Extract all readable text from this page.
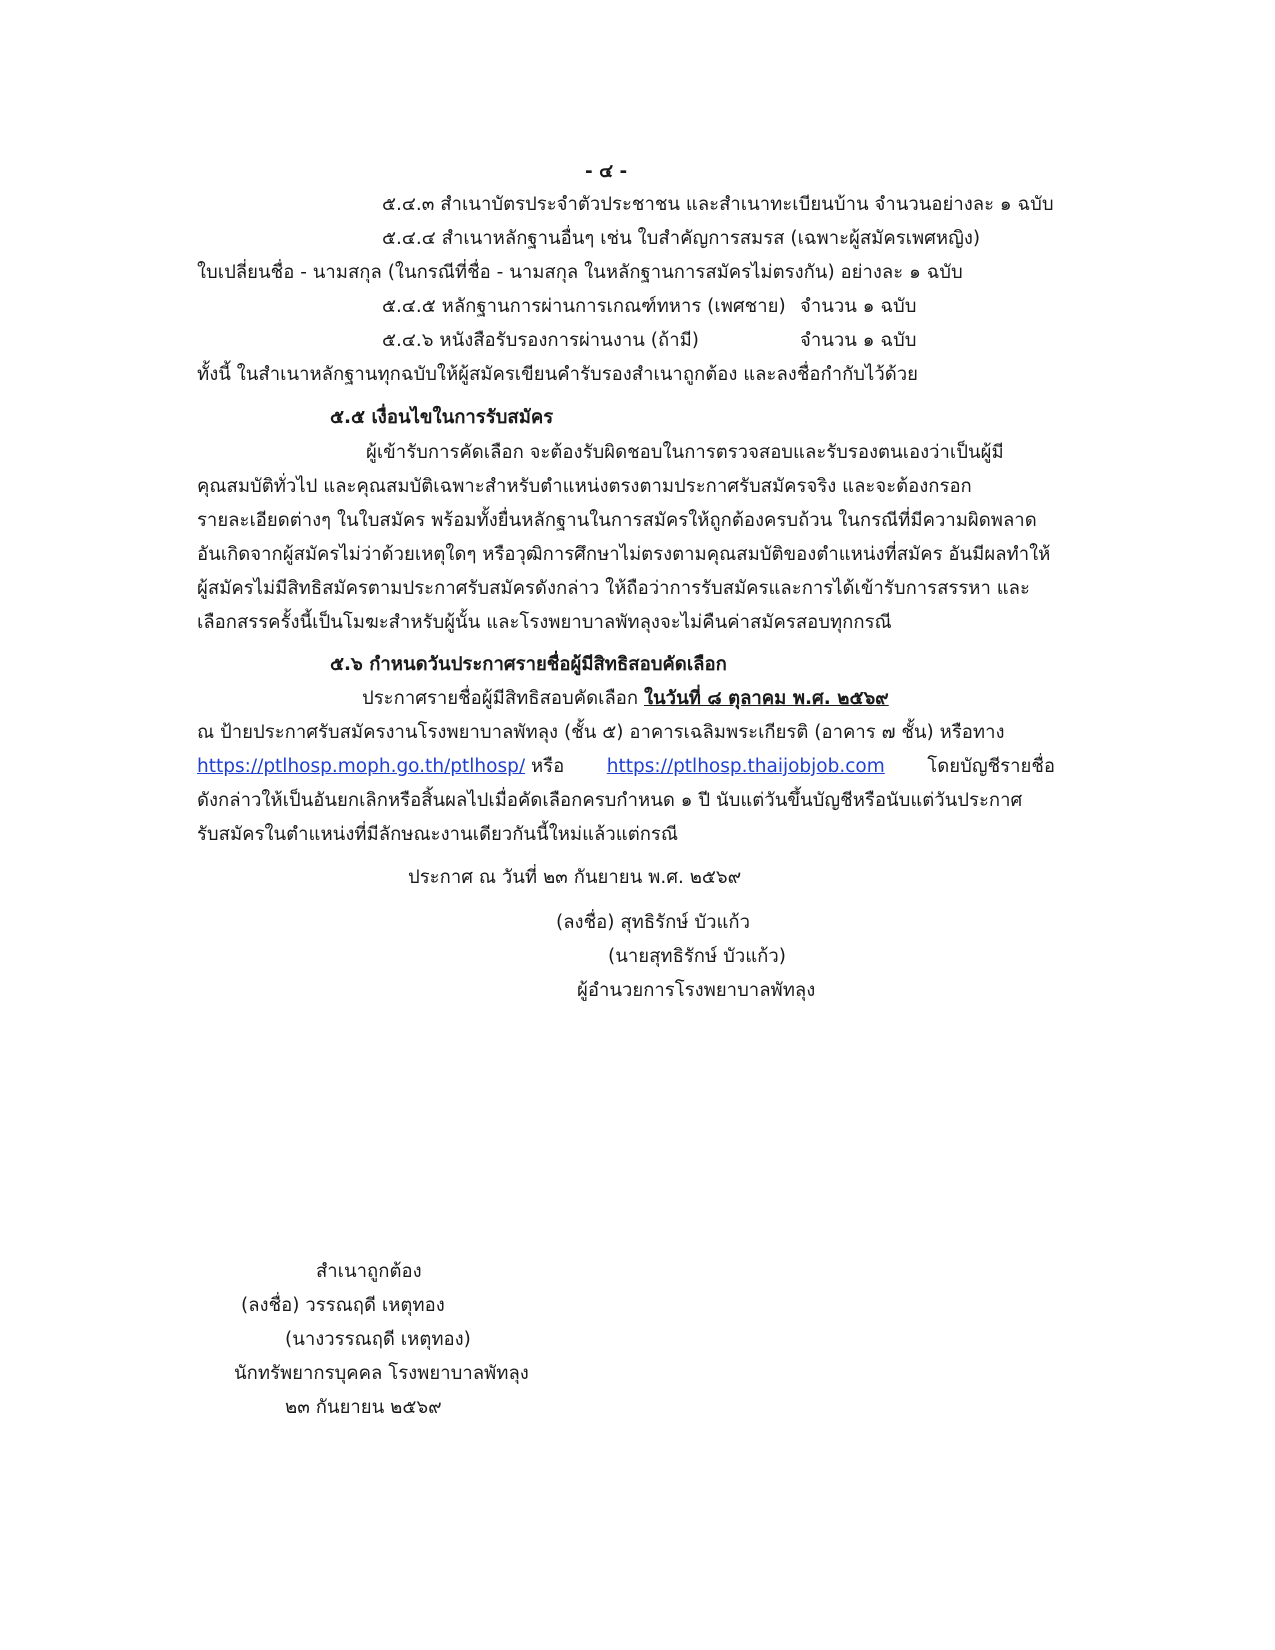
- ๔ -
๕.๔.๓ สำเนาบัตรประจำตัวประชาชน และสำเนาทะเบียนบ้าน จำนวนอย่างละ ๑ ฉบับ
๕.๔.๔ สำเนาหลักฐานอื่นๆ เช่น ใบสำคัญการสมรส (เฉพาะผู้สมัครเพศหญิง)
ใบเปลี่ยนชื่อ - นามสกุล (ในกรณีที่ชื่อ - นามสกุล ในหลักฐานการสมัครไม่ตรงกัน) อย่างละ ๑ ฉบับ
๕.๔.๕ หลักฐานการผ่านการเกณฑ์ทหาร (เพศชาย) จำนวน ๑ ฉบับ
๕.๔.๖ หนังสือรับรองการผ่านงาน (ถ้ามี)	จำนวน ๑ ฉบับ
ทั้งนี้ ในสำเนาหลักฐานทุกฉบับให้ผู้สมัครเขียนคำรับรองสำเนาถูกต้อง และลงชื่อกำกับไว้ด้วย
๕.๕ เงื่อนไขในการรับสมัคร
ผู้เข้ารับการคัดเลือก จะต้องรับผิดชอบในการตรวจสอบและรับรองตนเองว่าเป็นผู้มี
คุณสมบัติทั่วไป และคุณสมบัติเฉพาะสำหรับตำแหน่งตรงตามประกาศรับสมัครจริง และจะต้องกรอก
รายละเอียดต่างๆ ในใบสมัคร พร้อมทั้งยื่นหลักฐานในการสมัครให้ถูกต้องครบถ้วน ในกรณีที่มีความผิดพลาด
อันเกิดจากผู้สมัครไม่ว่าด้วยเหตุใดๆ หรือวุฒิการศึกษาไม่ตรงตามคุณสมบัติของตำแหน่งที่สมัคร อันมีผลทำให้
ผู้สมัครไม่มีสิทธิสมัครตามประกาศรับสมัครดังกล่าว ให้ถือว่าการรับสมัครและการได้เข้ารับการสรรหา และ
เลือกสรรครั้งนี้เป็นโมฆะสำหรับผู้นั้น และโรงพยาบาลพัทลุงจะไม่คืนค่าสมัครสอบทุกกรณี
๕.๖ กำหนดวันประกาศรายชื่อผู้มีสิทธิสอบคัดเลือก
ประกาศรายชื่อผู้มีสิทธิสอบคัดเลือก ในวันที่ ๘ ตุลาคม พ.ศ. ๒๕๖๙
ณ ป้ายประกาศรับสมัครงานโรงพยาบาลพัทลุง (ชั้น ๕) อาคารเฉลิมพระเกียรติ (อาคาร ๗ ชั้น) หรือทาง
https://ptlhosp.moph.go.th/ptlhosp/ หรือ https://ptlhosp.thaijobjob.com โดยบัญชีรายชื่อ
ดังกล่าวให้เป็นอันยกเลิกหรือสิ้นผลไปเมื่อคัดเลือกครบกำหนด ๑ ปี นับแต่วันขึ้นบัญชีหรือนับแต่วันประกาศ
รับสมัครในตำแหน่งที่มีลักษณะงานเดียวกันนี้ใหม่แล้วแต่กรณี
ประกาศ ณ วันที่ ๒๓ กันยายน พ.ศ. ๒๕๖๙
(ลงชื่อ) สุทธิรักษ์ บัวแก้ว
(นายสุทธิรักษ์ บัวแก้ว)
ผู้อำนวยการโรงพยาบาลพัทลุง
สำเนาถูกต้อง
(ลงชื่อ) วรรณฤดี เหตุทอง
(นางวรรณฤดี เหตุทอง)
นักทรัพยากรบุคคล โรงพยาบาลพัทลุง
๒๓ กันยายน ๒๕๖๙
